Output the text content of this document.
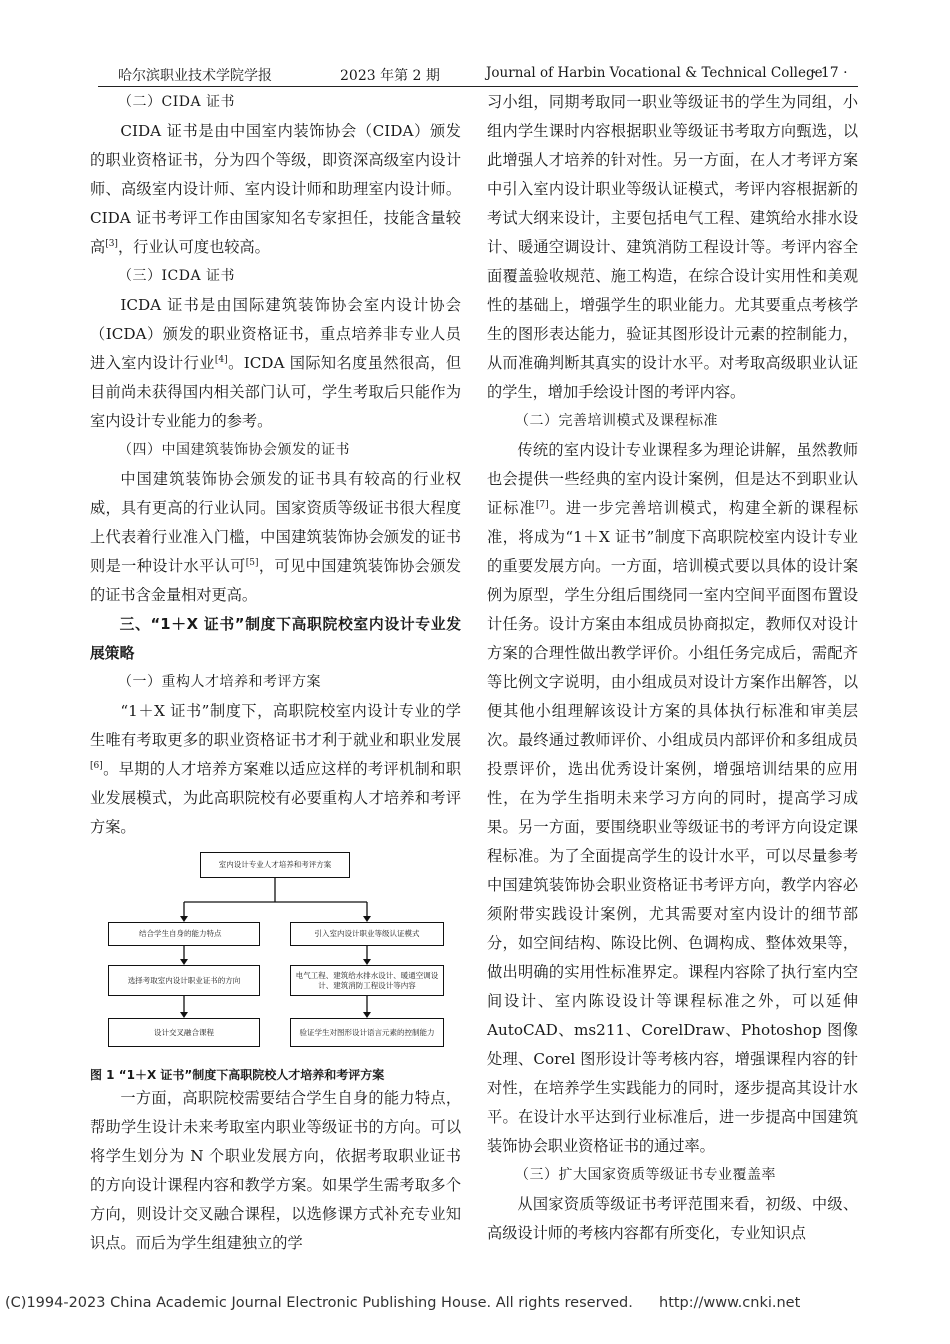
哈尔滨职业技术学院学报	2023 年第 2 期	Journal of Harbin Vocational & Technical College
· 17 ·

（二）CIDA 证书

CIDA 证书是由中国室内装饰协会（CIDA）颁发的职业资格证书，分为四个等级，即资深高级室内设计师、高级室内设计师、室内设计师和助理室内设计师。CIDA 证书考评工作由国家知名专家担任，技能含量较高[3]，行业认可度也较高。

（三）ICDA 证书

ICDA 证书是由国际建筑装饰协会室内设计协会（ICDA）颁发的职业资格证书，重点培养非专业人员进入室内设计行业[4]。ICDA 国际知名度虽然很高，但目前尚未获得国内相关部门认可，学生考取后只能作为室内设计专业能力的参考。

（四）中国建筑装饰协会颁发的证书

中国建筑装饰协会颁发的证书具有较高的行业权威，具有更高的行业认同。国家资质等级证书很大程度上代表着行业准入门槛，中国建筑装饰协会颁发的证书则是一种设计水平认可[5]，可见中国建筑装饰协会颁发的证书含金量相对更高。

三、“1＋X 证书”制度下高职院校室内设计专业发展策略

（一）重构人才培养和考评方案

“1＋X 证书”制度下，高职院校室内设计专业的学生唯有考取更多的职业资格证书才利于就业和职业发展[6]。早期的人才培养方案难以适应这样的考评机制和职业发展模式，为此高职院校有必要重构人才培养和考评方案。

室内设计专业人才培养和考评方案
结合学生自身的能力特点	引入室内设计职业等级认证模式
选择考取室内设计职业证书的方向
电气工程、建筑给水排水设计、暖通空调设计、建筑消防工程设计等内容
设计交叉融合课程	验证学生对图形设计语言元素的控制能力

图 1 “1＋X 证书”制度下高职院校人才培养和考评方案

一方面，高职院校需要结合学生自身的能力特点，帮助学生设计未来考取室内职业等级证书的方向。可以将学生划分为 N 个职业发展方向，依据考取职业证书的方向设计课程内容和教学方案。如果学生需考取多个方向，则设计交叉融合课程，以选修课方式补充专业知识点。而后为学生组建独立的学

习小组，同期考取同一职业等级证书的学生为同组，小组内学生课时内容根据职业等级证书考取方向甄选，以此增强人才培养的针对性。另一方面，在人才考评方案中引入室内设计职业等级认证模式，考评内容根据新的考试大纲来设计，主要包括电气工程、建筑给水排水设计、暖通空调设计、建筑消防工程设计等。考评内容全面覆盖验收规范、施工构造，在综合设计实用性和美观性的基础上，增强学生的职业能力。尤其要重点考核学生的图形表达能力，验证其图形设计元素的控制能力，从而准确判断其真实的设计水平。对考取高级职业认证的学生，增加手绘设计图的考评内容。

（二）完善培训模式及课程标准

传统的室内设计专业课程多为理论讲解，虽然教师也会提供一些经典的室内设计案例，但是达不到职业认证标准[7]。进一步完善培训模式，构建全新的课程标准，将成为“1＋X 证书”制度下高职院校室内设计专业的重要发展方向。一方面，培训模式要以具体的设计案例为原型，学生分组后围绕同一室内空间平面图布置设计任务。设计方案由本组成员协商拟定，教师仅对设计方案的合理性做出教学评价。小组任务完成后，需配齐等比例文字说明，由小组成员对设计方案作出解答，以便其他小组理解该设计方案的具体执行标准和审美层次。最终通过教师评价、小组成员内部评价和多组成员投票评价，选出优秀设计案例，增强培训结果的应用性，在为学生指明未来学习方向的同时，提高学习成果。另一方面，要围绕职业等级证书的考评方向设定课程标准。为了全面提高学生的设计水平，可以尽量参考中国建筑装饰协会职业资格证书考评方向，教学内容必须附带实践设计案例，尤其需要对室内设计的细节部分，如空间结构、陈设比例、色调构成、整体效果等，做出明确的实用性标准界定。课程内容除了执行室内空间设计、室内陈设设计等课程标准之外，可以延伸 AutoCAD、ms211、CorelDraw、Photoshop 图像处理、Corel 图形设计等考核内容，增强课程内容的针对性，在培养学生实践能力的同时，逐步提高其设计水平。在设计水平达到行业标准后，进一步提高中国建筑装饰协会职业资格证书的通过率。

（三）扩大国家资质等级证书专业覆盖率

从国家资质等级证书考评范围来看，初级、中级、高级设计师的考核内容都有所变化，专业知识点

(C)1994-2023 China Academic Journal Electronic Publishing House. All rights reserved. http://www.cnki.net
